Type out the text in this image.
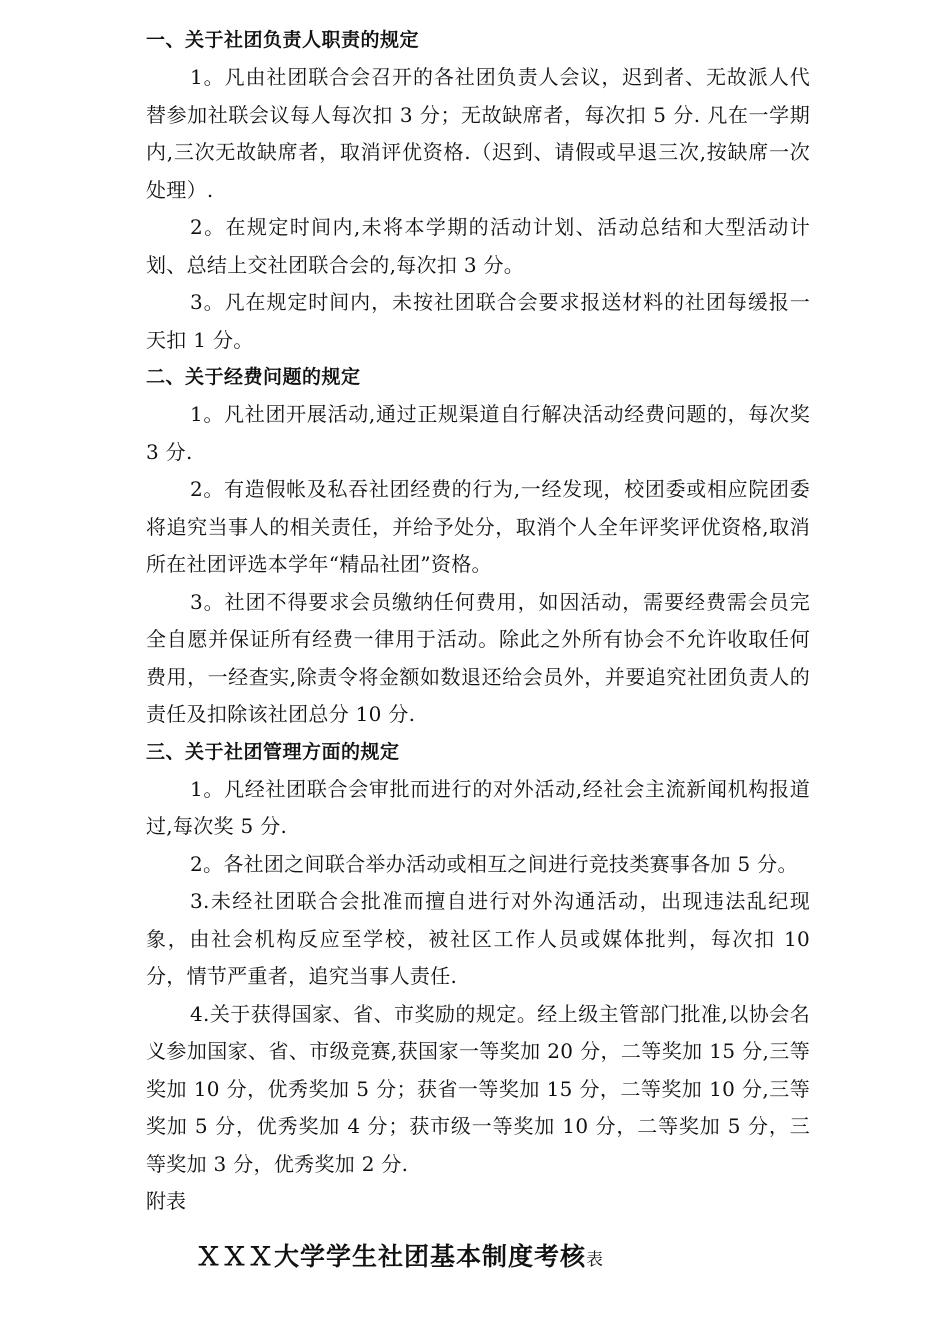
一、关于社团负责人职责的规定

1。凡由社团联合会召开的各社团负责人会议，迟到者、无故派人代替参加社联会议每人每次扣 3 分；无故缺席者，每次扣 5 分. 凡在一学期内,三次无故缺席者，取消评优资格.（迟到、请假或早退三次,按缺席一次处理）.

2。在规定时间内,未将本学期的活动计划、活动总结和大型活动计划、总结上交社团联合会的,每次扣 3 分。

3。凡在规定时间内，未按社团联合会要求报送材料的社团每缓报一天扣 1 分。

二、关于经费问题的规定

1。凡社团开展活动,通过正规渠道自行解决活动经费问题的，每次奖 3 分.

2。有造假帐及私吞社团经费的行为,一经发现，校团委或相应院团委将追究当事人的相关责任，并给予处分，取消个人全年评奖评优资格,取消所在社团评选本学年“精品社团”资格。

3。社团不得要求会员缴纳任何费用，如因活动，需要经费需会员完全自愿并保证所有经费一律用于活动。除此之外所有协会不允许收取任何费用，一经查实,除责令将金额如数退还给会员外，并要追究社团负责人的责任及扣除该社团总分 10 分.

三、关于社团管理方面的规定

1。凡经社团联合会审批而进行的对外活动,经社会主流新闻机构报道过,每次奖 5 分.

2。各社团之间联合举办活动或相互之间进行竞技类赛事各加 5 分。

3.未经社团联合会批准而擅自进行对外沟通活动，出现违法乱纪现象，由社会机构反应至学校，被社区工作人员或媒体批判，每次扣 10 分，情节严重者，追究当事人责任.

4.关于获得国家、省、市奖励的规定。经上级主管部门批准,以协会名义参加国家、省、市级竞赛,获国家一等奖加 20 分，二等奖加 15 分,三等奖加 10 分，优秀奖加 5 分；获省一等奖加 15 分，二等奖加 10 分,三等奖加 5 分，优秀奖加 4 分；获市级一等奖加 10 分，二等奖加 5 分，三等奖加 3 分，优秀奖加 2 分.

附表

ＸＸＸ大学学生社团基本制度考核表
